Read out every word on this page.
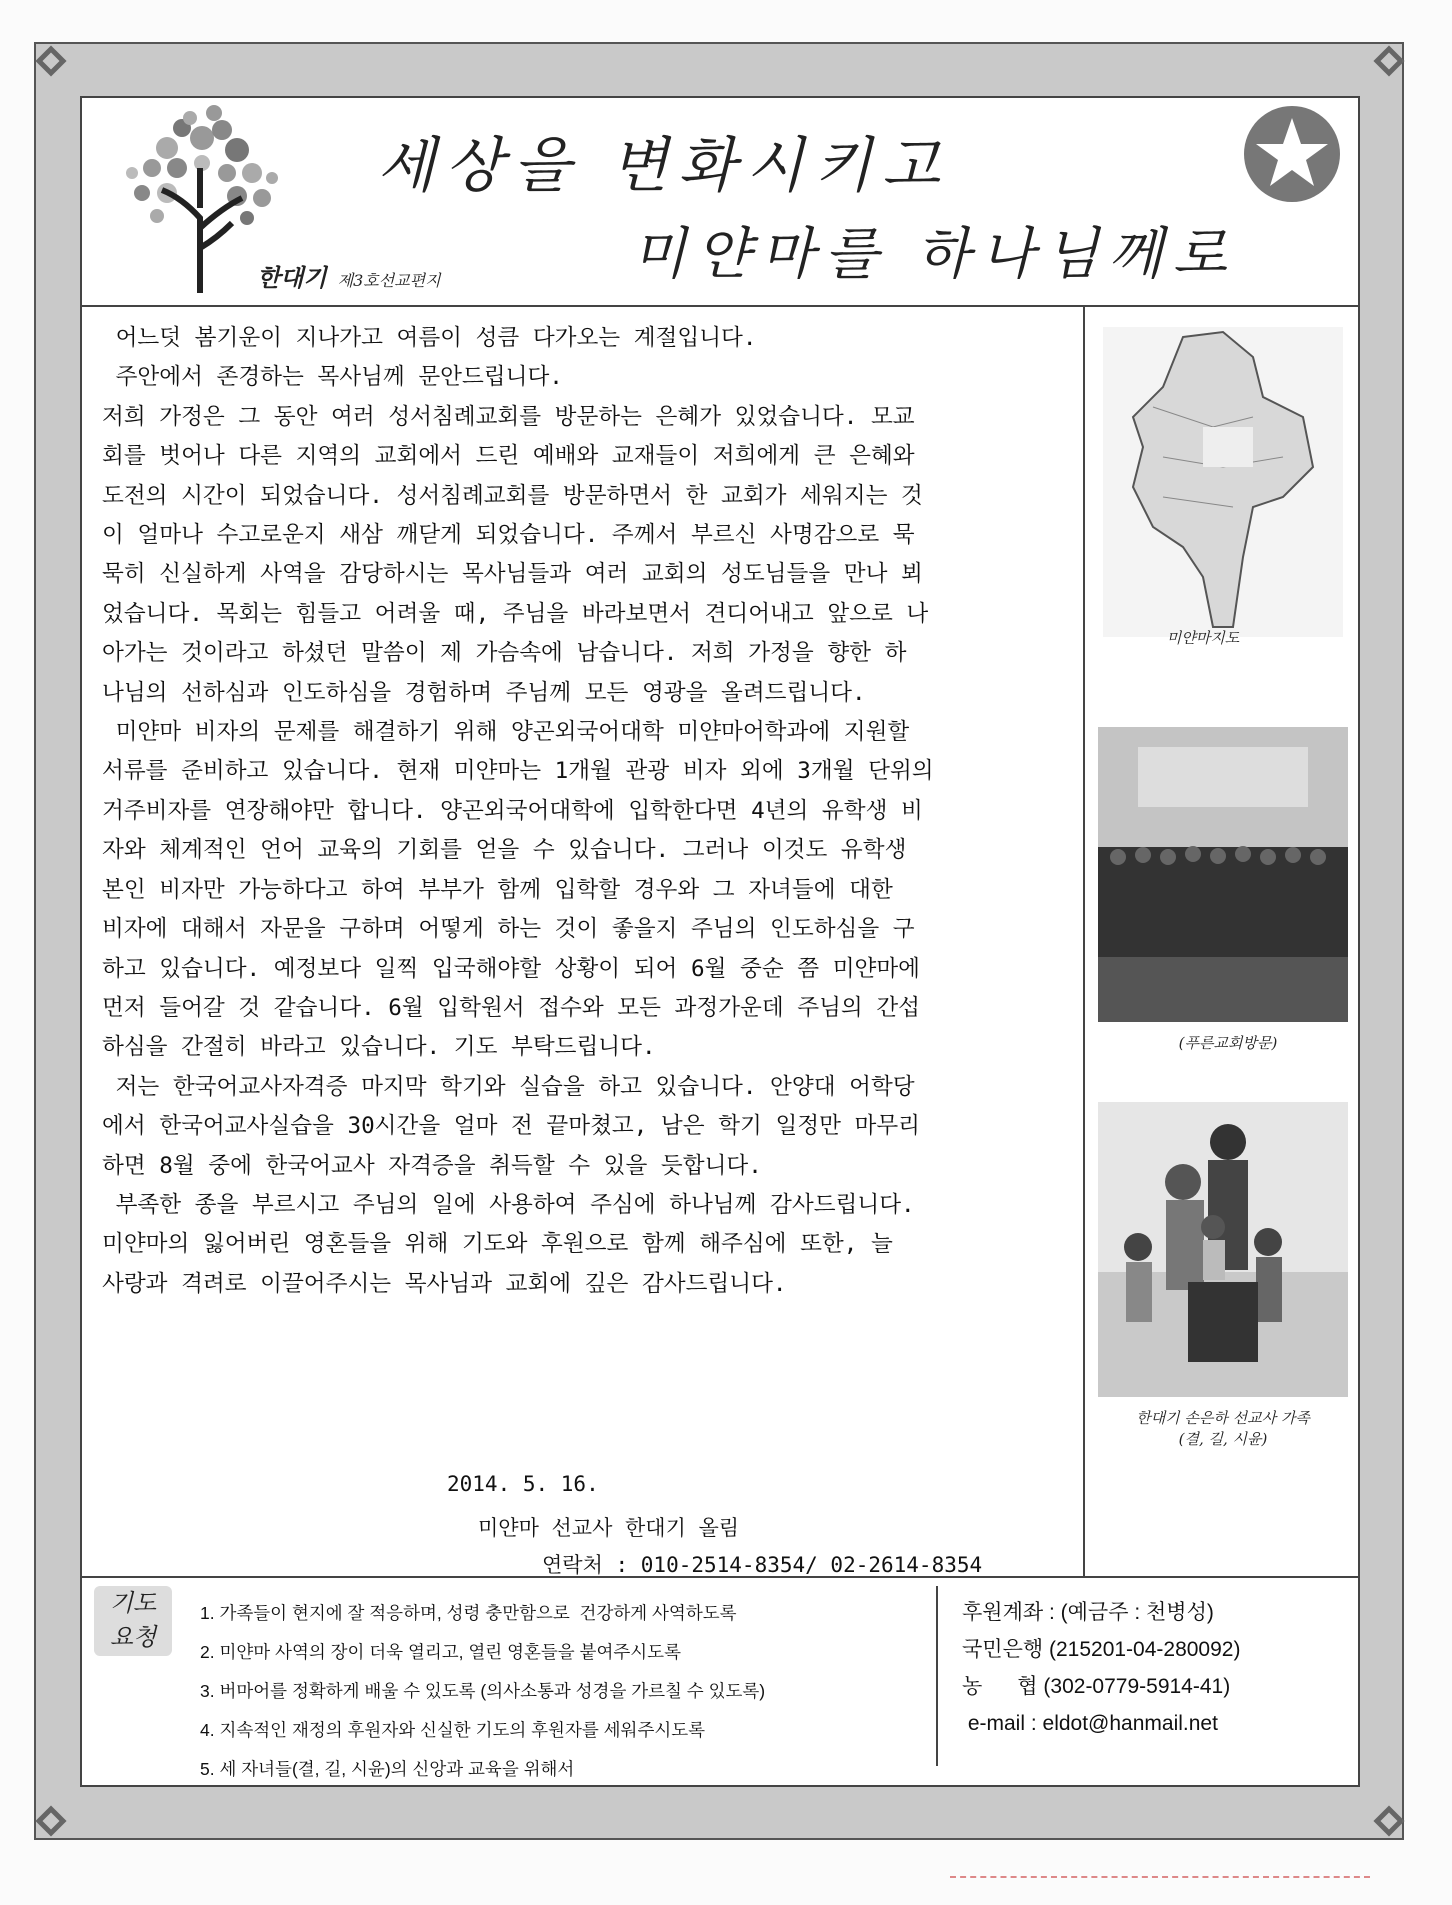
한대기 제3호선교편지
세상을 변화시키고
미얀마를 하나님께로

어느덧 봄기운이 지나가고 여름이 성큼 다가오는 계절입니다.

주안에서 존경하는 목사님께 문안드립니다.

저희 가정은 그 동안 여러 성서침례교회를 방문하는 은혜가 있었습니다. 모교

회를 벗어나 다른 지역의 교회에서 드린 예배와 교재들이 저희에게 큰 은혜와

도전의 시간이 되었습니다. 성서침례교회를 방문하면서 한 교회가 세워지는 것

이 얼마나 수고로운지 새삼 깨닫게 되었습니다. 주께서 부르신 사명감으로 묵

묵히 신실하게 사역을 감당하시는 목사님들과 여러 교회의 성도님들을 만나 뵈

었습니다. 목회는 힘들고 어려울 때, 주님을 바라보면서 견디어내고 앞으로 나

아가는 것이라고 하셨던 말씀이 제 가슴속에 남습니다. 저희 가정을 향한 하

나님의 선하심과 인도하심을 경험하며 주님께 모든 영광을 올려드립니다.

미얀마 비자의 문제를 해결하기 위해 양곤외국어대학 미얀마어학과에 지원할

서류를 준비하고 있습니다. 현재 미얀마는 1개월 관광 비자 외에 3개월 단위의

거주비자를 연장해야만 합니다. 양곤외국어대학에 입학한다면 4년의 유학생 비

자와 체계적인 언어 교육의 기회를 얻을 수 있습니다. 그러나 이것도 유학생

본인 비자만 가능하다고 하여 부부가 함께 입학할 경우와 그 자녀들에 대한

비자에 대해서 자문을 구하며 어떻게 하는 것이 좋을지 주님의 인도하심을 구

하고 있습니다. 예정보다 일찍 입국해야할 상황이 되어 6월 중순 쯤 미얀마에

먼저 들어갈 것 같습니다. 6월 입학원서 접수와 모든 과정가운데 주님의 간섭

하심을 간절히 바라고 있습니다. 기도 부탁드립니다.

저는 한국어교사자격증 마지막 학기와 실습을 하고 있습니다. 안양대 어학당

에서 한국어교사실습을 30시간을 얼마 전 끝마쳤고, 남은 학기 일정만 마무리

하면 8월 중에 한국어교사 자격증을 취득할 수 있을 듯합니다.

부족한 종을 부르시고 주님의 일에 사용하여 주심에 하나님께 감사드립니다.

미얀마의 잃어버린 영혼들을 위해 기도와 후원으로 함께 해주심에 또한, 늘

사랑과 격려로 이끌어주시는 목사님과 교회에 깊은 감사드립니다.

2014. 5. 16.
미얀마 선교사 한대기 올림
연락처 : 010-2514-8354/ 02-2614-8354
미얀마지도
(푸른교회방문)
한대기 손은하 선교사 가족
(결, 길, 시윤)
기도
요청
1. 가족들이 현지에 잘 적응하며, 성령 충만함으로  건강하게 사역하도록
2. 미얀마 사역의 장이 더욱 열리고, 열린 영혼들을 붙여주시도록
3. 버마어를 정확하게 배울 수 있도록 (의사소통과 성경을 가르칠 수 있도록)
4. 지속적인 재정의 후원자와 신실한 기도의 후원자를 세워주시도록
5. 세 자녀들(결, 길, 시윤)의 신앙과 교육을 위해서
후원계좌 : (예금주 : 천병성)
국민은행 (215201-04-280092)
농      협 (302-0779-5914-41)
e-mail : eldot@hanmail.net
